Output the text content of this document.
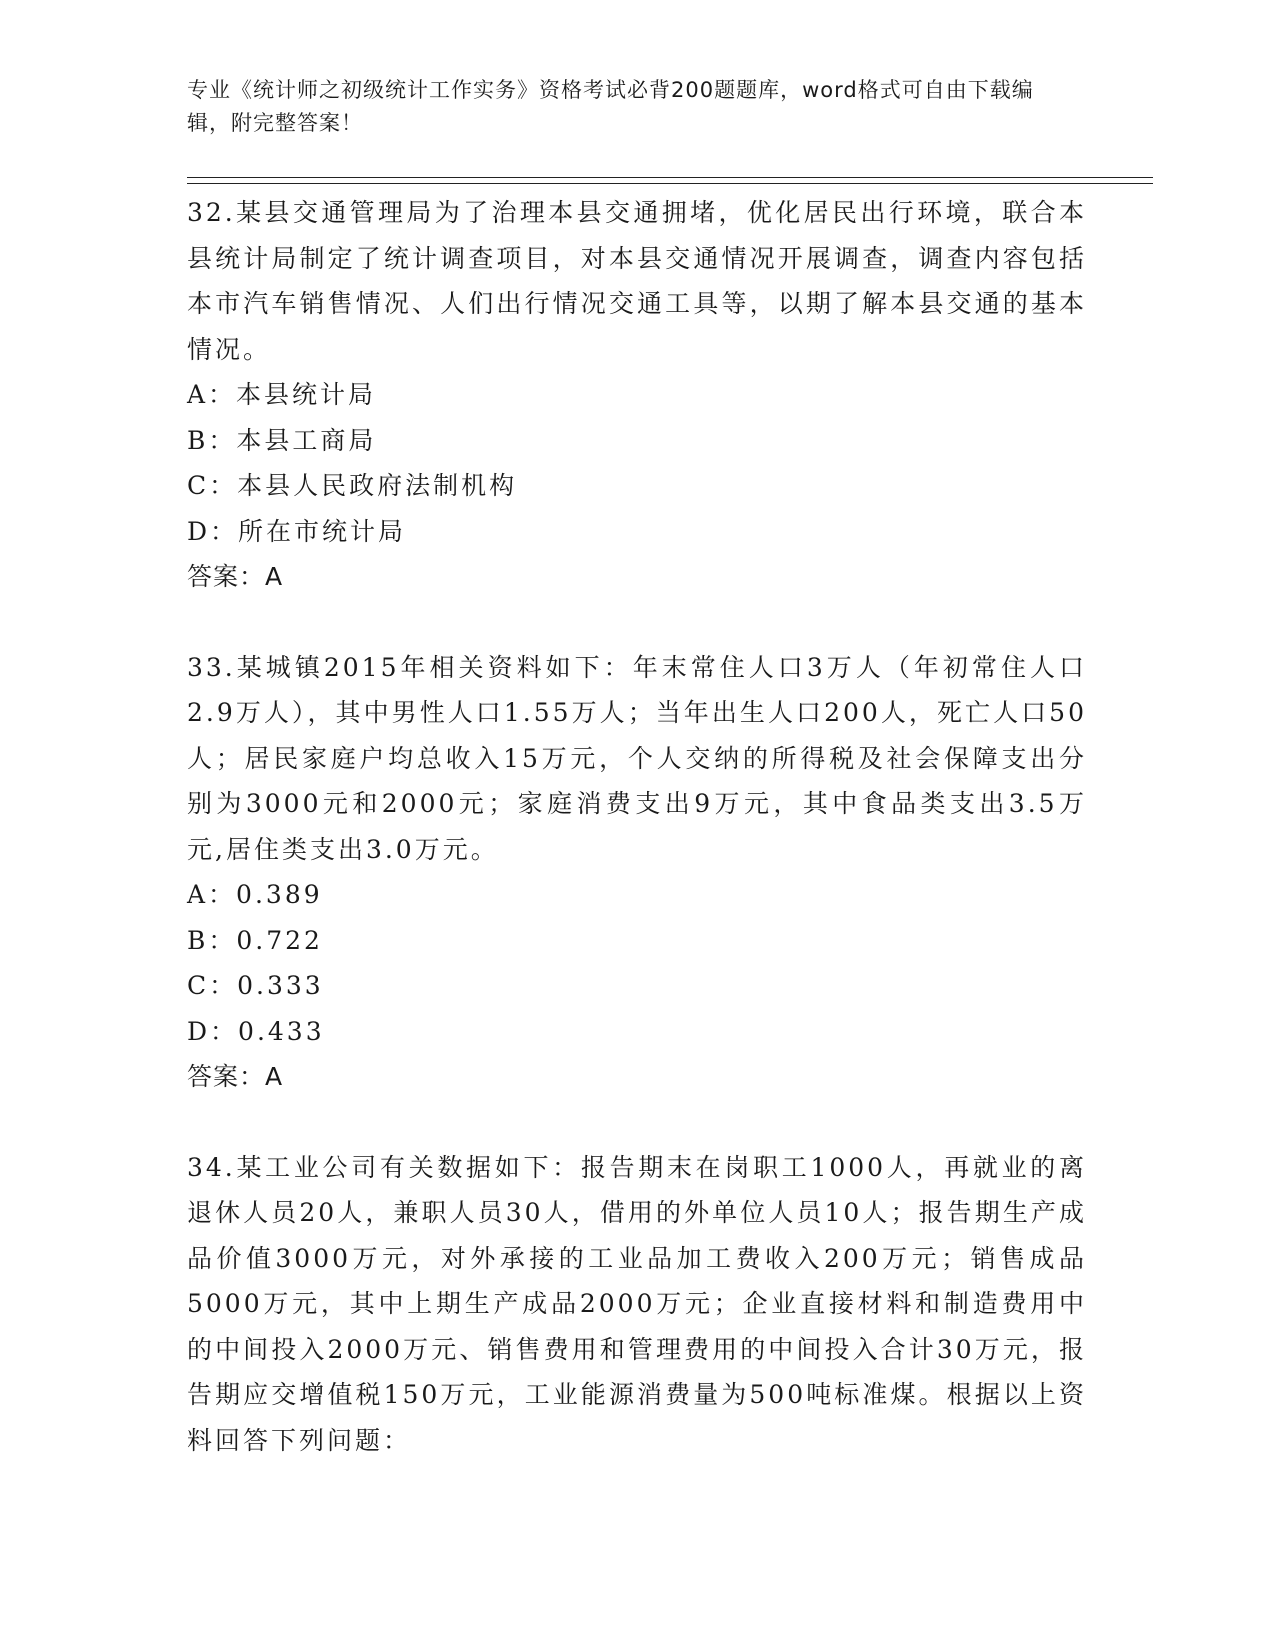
专业《统计师之初级统计工作实务》资格考试必背200题题库，word格式可自由下载编辑，附完整答案！

32.某县交通管理局为了治理本县交通拥堵，优化居民出行环境，联合本县统计局制定了统计调查项目，对本县交通情况开展调查，调查内容包括本市汽车销售情况、人们出行情况交通工具等，以期了解本县交通的基本情况。

A：本县统计局

B：本县工商局

C：本县人民政府法制机构

D：所在市统计局

答案：A

33.某城镇2015年相关资料如下：年末常住人口3万人（年初常住人口2.9万人），其中男性人口1.55万人；当年出生人口200人，死亡人口50人；居民家庭户均总收入15万元，个人交纳的所得税及社会保障支出分别为3000元和2000元；家庭消费支出9万元，其中食品类支出3.5万元,居住类支出3.0万元。

A：0.389

B：0.722

C：0.333

D：0.433

答案：A

34.某工业公司有关数据如下：报告期末在岗职工1000人，再就业的离退休人员20人，兼职人员30人，借用的外单位人员10人；报告期生产成品价值3000万元，对外承接的工业品加工费收入200万元；销售成品5000万元，其中上期生产成品2000万元；企业直接材料和制造费用中的中间投入2000万元、销售费用和管理费用的中间投入合计30万元，报告期应交增值税150万元，工业能源消费量为500吨标准煤。根据以上资料回答下列问题：
